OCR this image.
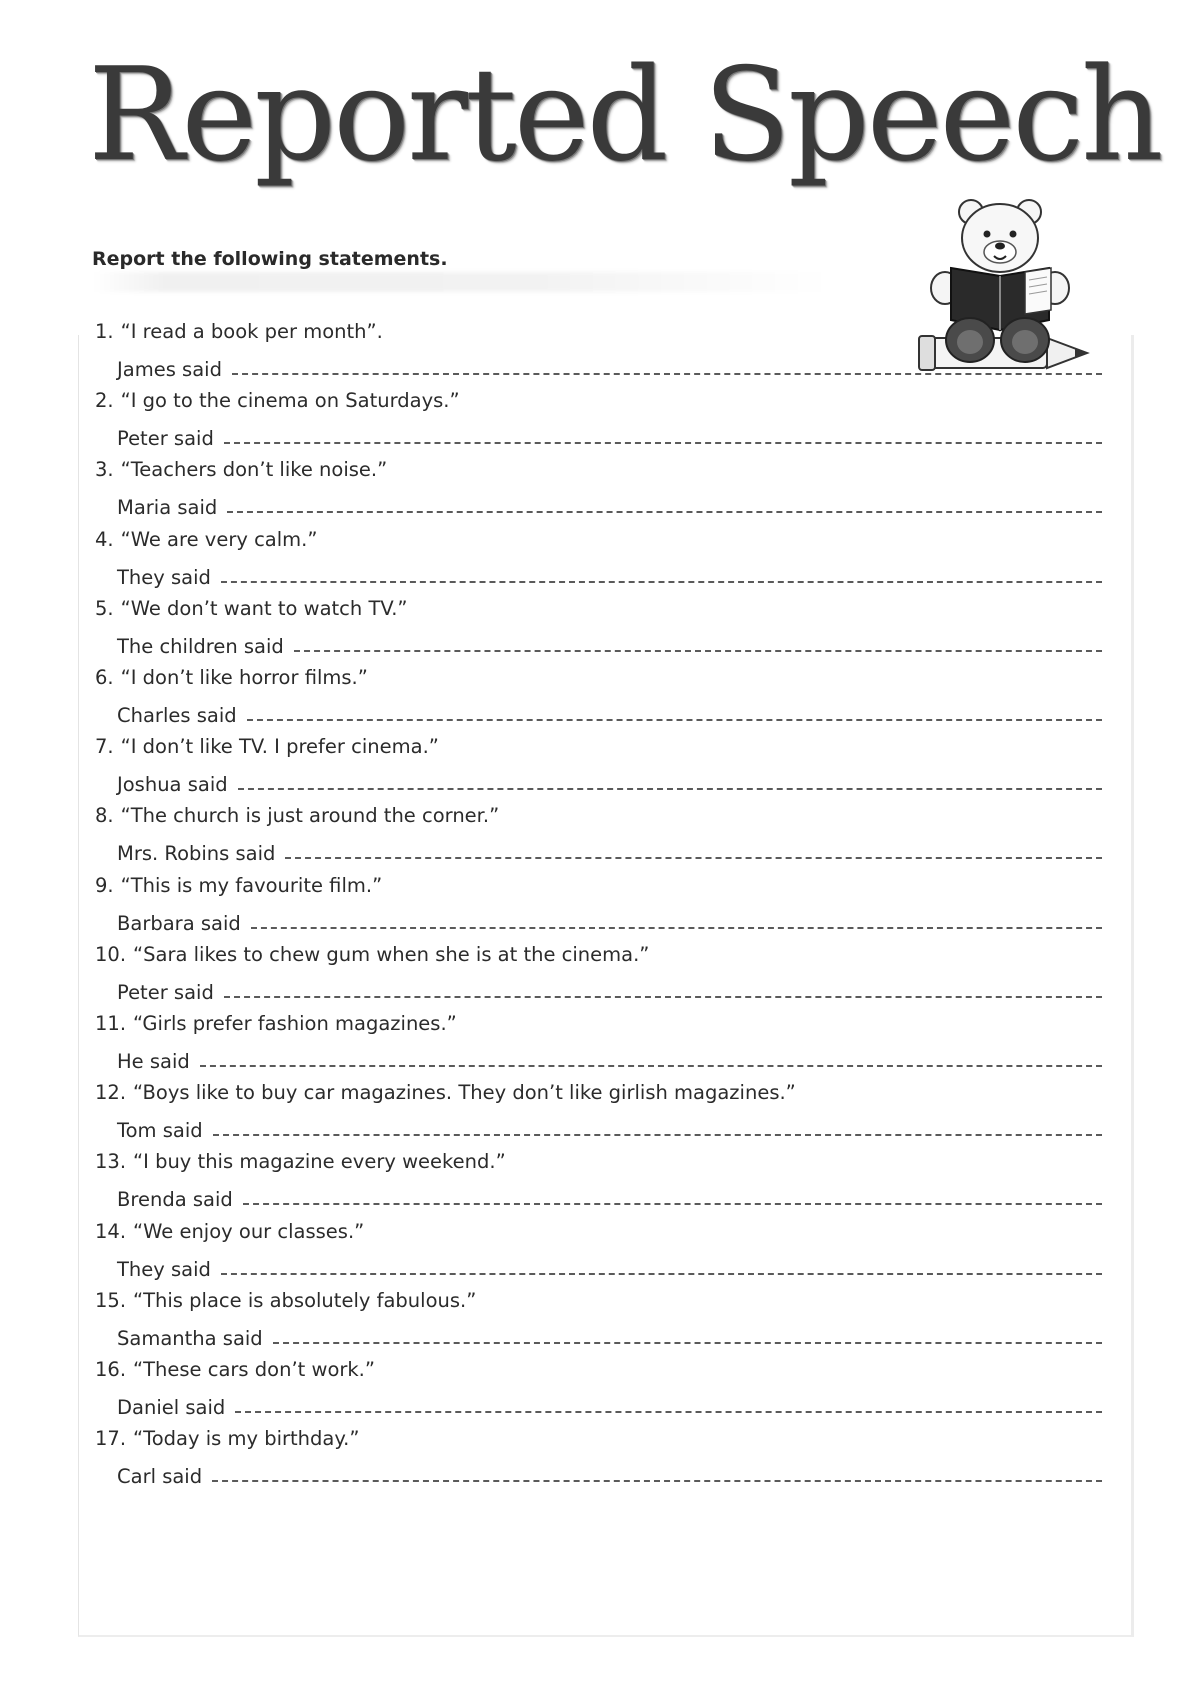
Reported Speech

Report the following statements.

1. “I read a book per month”.
James said
2. “I go to the cinema on Saturdays.”
Peter said
3. “Teachers don’t like noise.”
Maria said
4. “We are very calm.”
They said
5. “We don’t want to watch TV.”
The children said
6. “I don’t like horror films.”
Charles said
7. “I don’t like TV. I prefer cinema.”
Joshua said
8. “The church is just around the corner.”
Mrs. Robins said
9. “This is my favourite film.”
Barbara said
10. “Sara likes to chew gum when she is at the cinema.”
Peter said
11. “Girls prefer fashion magazines.”
He said
12. “Boys like to buy car magazines. They don’t like girlish magazines.”
Tom said
13. “I buy this magazine every weekend.”
Brenda said
14. “We enjoy our classes.”
They said
15. “This place is absolutely fabulous.”
Samantha said
16. “These cars don’t work.”
Daniel said
17. “Today is my birthday.”
Carl said
